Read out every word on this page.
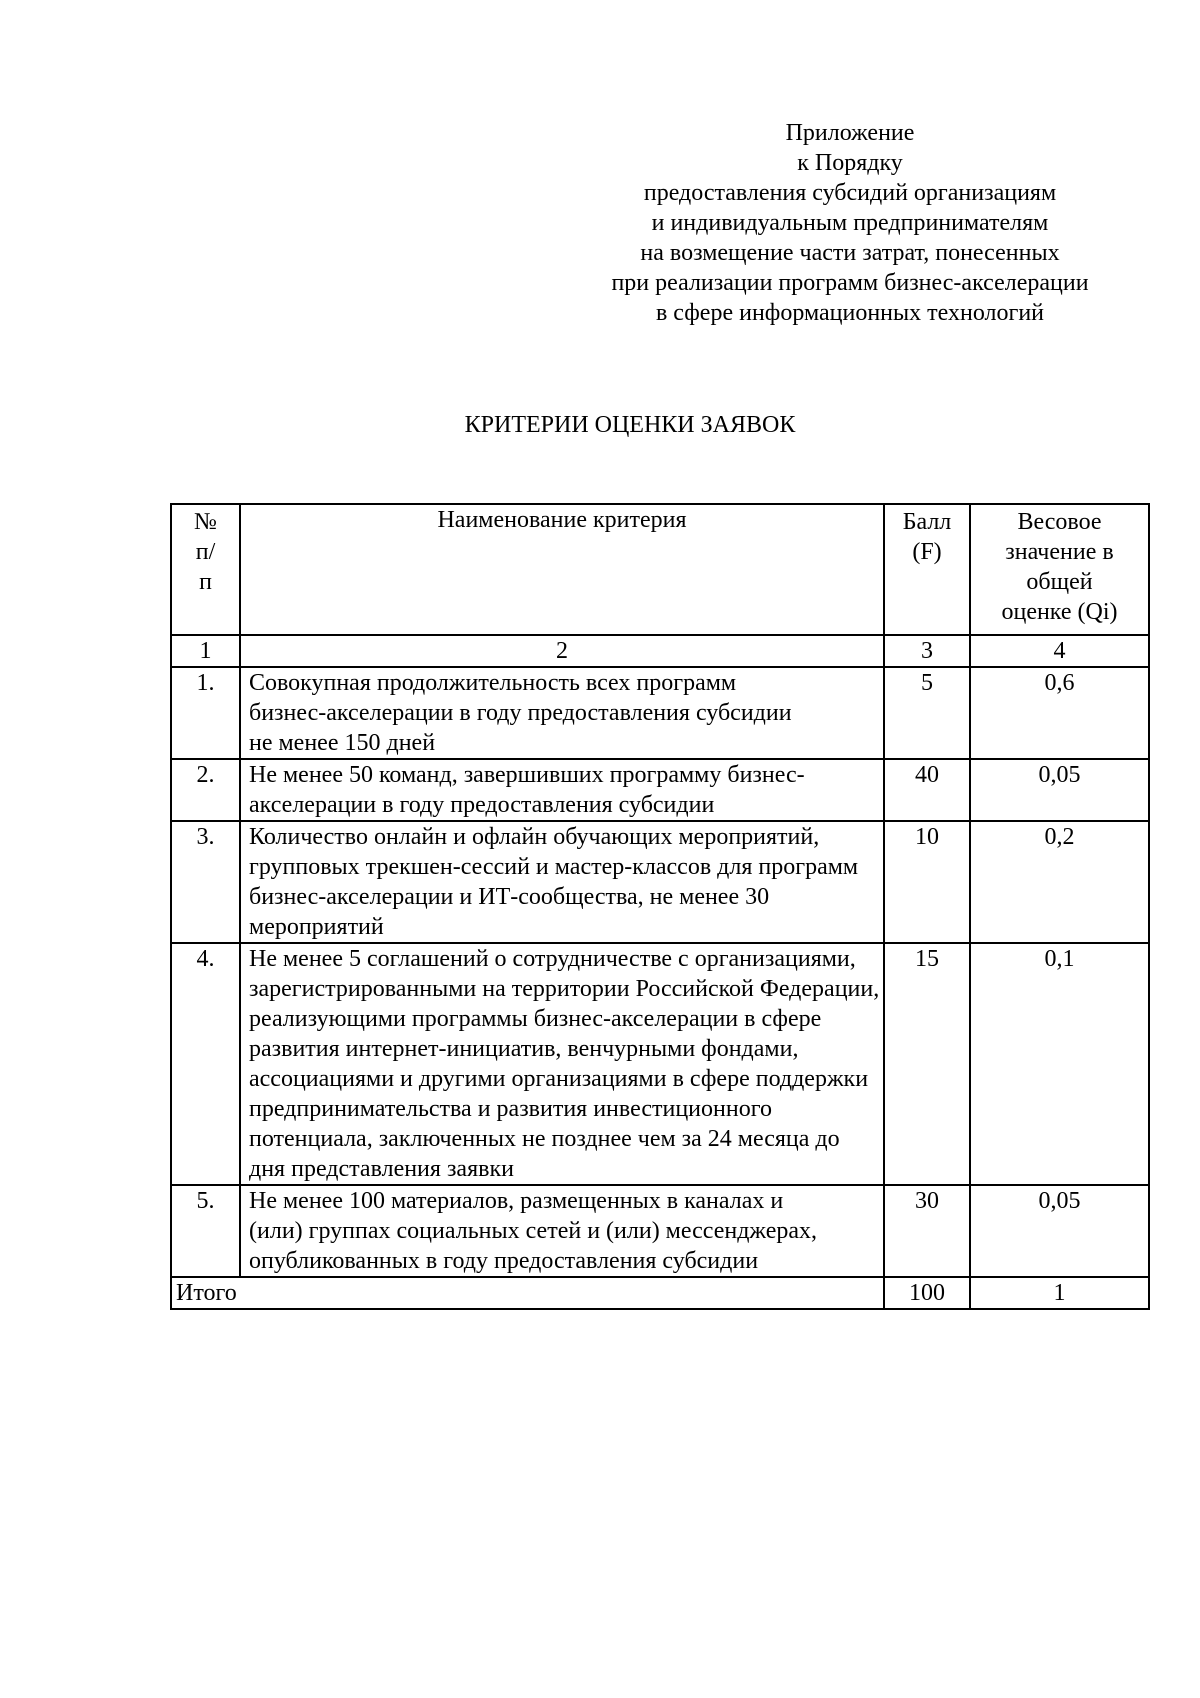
Приложение
к Порядку
предоставления субсидий организациям
и индивидуальным предпринимателям
на возмещение части затрат, понесенных
при реализации программ бизнес-акселерации
в сфере информационных технологий
КРИТЕРИИ ОЦЕНКИ ЗАЯВОК
№ п/п	Наименование критерия	Балл (F)	Весовое значение в общей оценке (Qi)
1	2	3	4
1.	Совокупная продолжительность всех программ бизнес-акселерации в году предоставления субсидии не менее 150 дней	5	0,6
2.	Не менее 50 команд, завершивших программу бизнес-акселерации в году предоставления субсидии	40	0,05
3.	Количество онлайн и офлайн обучающих мероприятий, групповых трекшен-сессий и мастер-классов для программ бизнес-акселерации и ИТ-сообщества, не менее 30 мероприятий	10	0,2
4.	Не менее 5 соглашений о сотрудничестве с организациями, зарегистрированными на территории Российской Федерации, реализующими программы бизнес-акселерации в сфере развития интернет-инициатив, венчурными фондами, ассоциациями и другими организациями в сфере поддержки предпринимательства и развития инвестиционного потенциала, заключенных не позднее чем за 24 месяца до дня представления заявки	15	0,1
5.	Не менее 100 материалов, размещенных в каналах и (или) группах социальных сетей и (или) мессенджерах, опубликованных в году предоставления субсидии	30	0,05
Итого		100	1
